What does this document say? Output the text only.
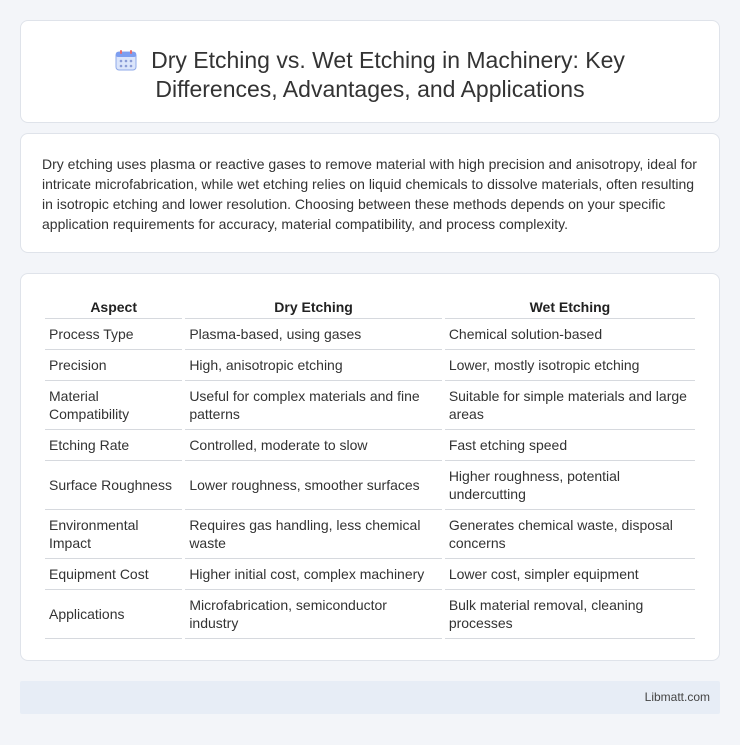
Dry Etching vs. Wet Etching in Machinery: Key
Differences, Advantages, and Applications

Dry etching uses plasma or reactive gases to remove material with high precision and anisotropy, ideal for intricate microfabrication, while wet etching relies on liquid chemicals to dissolve materials, often resulting in isotropic etching and lower resolution. Choosing between these methods depends on your specific application requirements for accuracy, material compatibility, and process complexity.

Aspect	Dry Etching	Wet Etching
Process Type	Plasma-based, using gases	Chemical solution-based
Precision	High, anisotropic etching	Lower, mostly isotropic etching
Material Compatibility	Useful for complex materials and fine patterns	Suitable for simple materials and large areas
Etching Rate	Controlled, moderate to slow	Fast etching speed
Surface Roughness	Lower roughness, smoother surfaces	Higher roughness, potential undercutting
Environmental Impact	Requires gas handling, less chemical waste	Generates chemical waste, disposal concerns
Equipment Cost	Higher initial cost, complex machinery	Lower cost, simpler equipment
Applications	Microfabrication, semiconductor industry	Bulk material removal, cleaning processes
Libmatt.com
